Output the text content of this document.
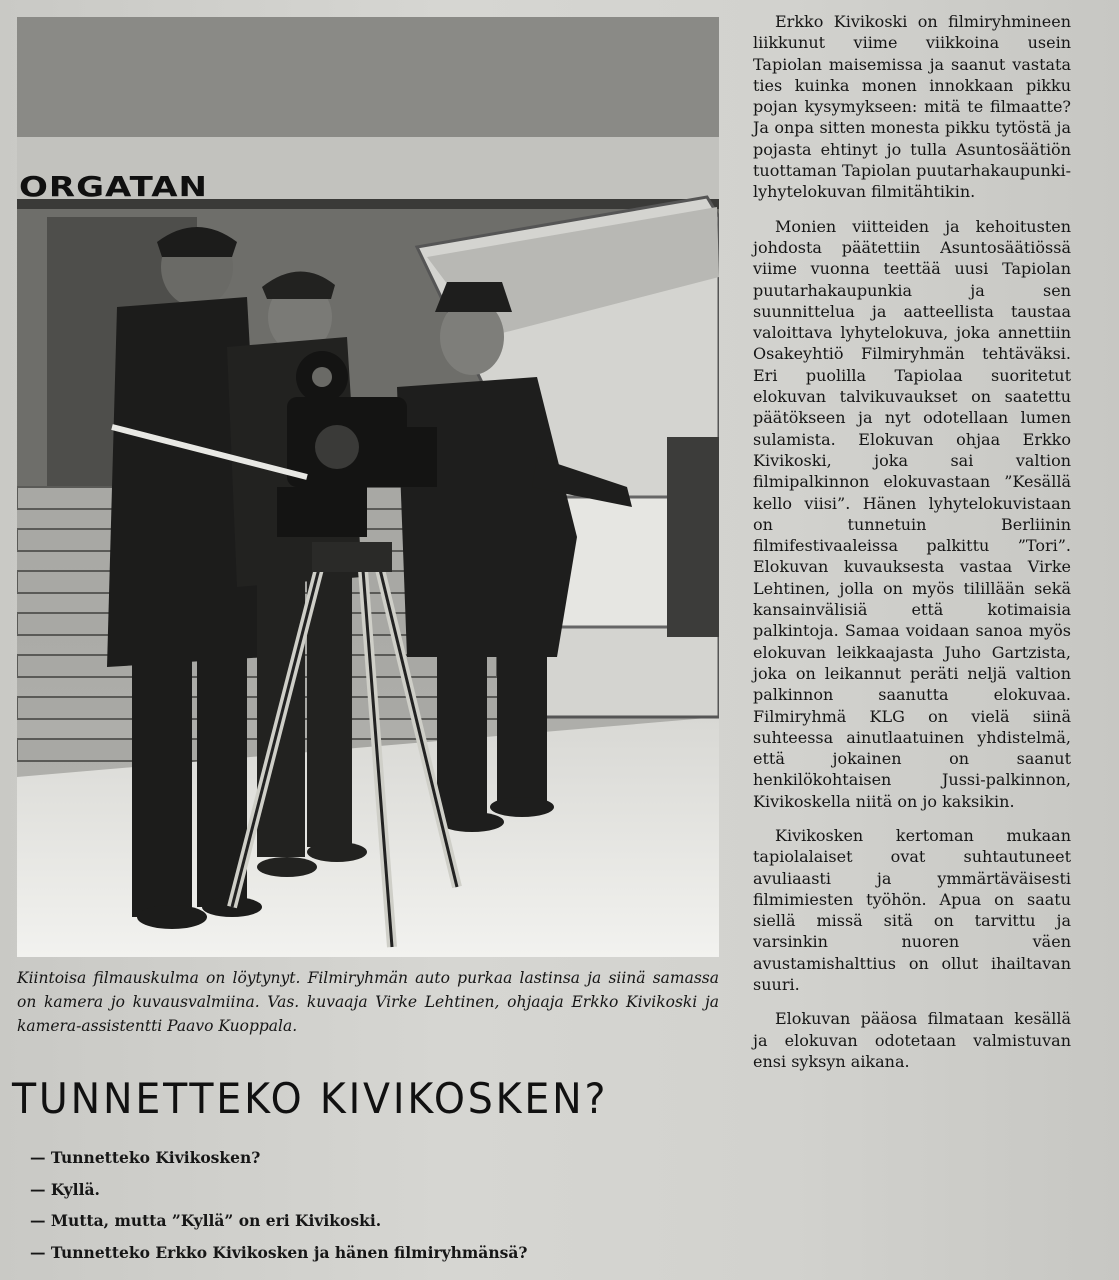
ORGATAN
Kiintoisa filmauskulma on löytynyt. Filmiryhmän auto purkaa lastinsa ja siinä samassa on kamera jo kuvausvalmiina. Vas. kuvaaja Virke Lehtinen, ohjaaja Erkko Kivikoski ja kamera-assistentti Paavo Kuoppala.
TUNNETTEKO KIVIKOSKEN?
— Tunnetteko Kivikosken?
— Kyllä.
— Mutta, mutta ”Kyllä” on eri Kivikoski.
— Tunnetteko Erkko Kivikosken ja hänen filmiryhmänsä?

Erkko Kivikoski on filmiryhmineen liikkunut viime viikkoina usein Tapiolan maisemissa ja saanut vastata ties kuinka monen innokkaan pikku pojan kysymykseen: mitä te filmaatte? Ja onpa sitten monesta pikku tytöstä ja pojasta ehtinyt jo tulla Asuntosäätiön tuottaman Tapiolan puutarhakaupunki-lyhytelokuvan filmitähtikin.

Monien viitteiden ja kehoitusten johdosta päätettiin Asuntosäätiössä viime vuonna teettää uusi Tapiolan puutarhakaupunkia ja sen suunnittelua ja aatteellista taustaa valoittava lyhytelokuva, joka annettiin Osakeyhtiö Filmiryhmän tehtäväksi. Eri puolilla Tapiolaa suoritetut elokuvan talvikuvaukset on saatettu päätökseen ja nyt odotellaan lumen sulamista. Elokuvan ohjaa Erkko Kivikoski, joka sai valtion filmipalkinnon elokuvastaan ”Kesällä kello viisi”. Hänen lyhytelokuvistaan on tunnetuin Berliinin filmifestivaaleissa palkittu ”Tori”. Elokuvan kuvauksesta vastaa Virke Lehtinen, jolla on myös tilillään sekä kansainvälisiä että kotimaisia palkintoja. Samaa voidaan sanoa myös elokuvan leikkaajasta Juho Gartzista, joka on leikannut peräti neljä valtion palkinnon saanutta elokuvaa. Filmiryhmä KLG on vielä siinä suhteessa ainutlaatuinen yhdistelmä, että jokainen on saanut henkilökohtaisen Jussi-palkinnon, Kivikoskella niitä on jo kaksikin.

Kivikosken kertoman mukaan tapiolalaiset ovat suhtautuneet avuliaasti ja ymmärtäväisesti filmimiesten työhön. Apua on saatu siellä missä sitä on tarvittu ja varsinkin nuoren väen avustamishalttius on ollut ihailtavan suuri.

Elokuvan pääosa filmataan kesällä ja elokuvan odotetaan valmistuvan ensi syksyn aikana.
